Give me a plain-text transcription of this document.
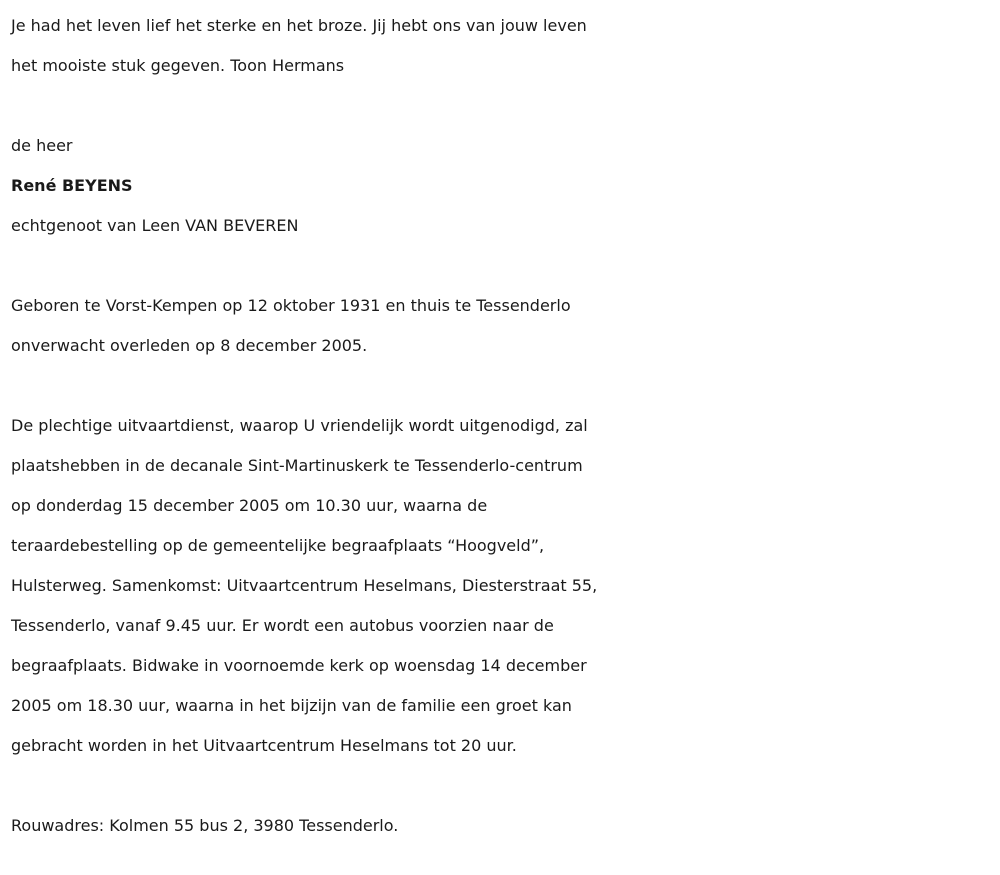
Je had het leven lief het sterke en het broze. Jij hebt ons van jouw leven
het mooiste stuk gegeven. Toon Hermans
de heer
René BEYENS
echtgenoot van Leen VAN BEVEREN
Geboren te Vorst-Kempen op 12 oktober 1931 en thuis te Tessenderlo
onverwacht overleden op 8 december 2005.
De plechtige uitvaartdienst, waarop U vriendelijk wordt uitgenodigd, zal
plaatshebben in de decanale Sint-Martinuskerk te Tessenderlo-centrum
op donderdag 15 december 2005 om 10.30 uur, waarna de
teraardebestelling op de gemeentelijke begraafplaats “Hoogveld”,
Hulsterweg. Samenkomst: Uitvaartcentrum Heselmans, Diesterstraat 55,
Tessenderlo, vanaf 9.45 uur. Er wordt een autobus voorzien naar de
begraafplaats. Bidwake in voornoemde kerk op woensdag 14 december
2005 om 18.30 uur, waarna in het bijzijn van de familie een groet kan
gebracht worden in het Uitvaartcentrum Heselmans tot 20 uur.
Rouwadres: Kolmen 55 bus 2, 3980 Tessenderlo.
